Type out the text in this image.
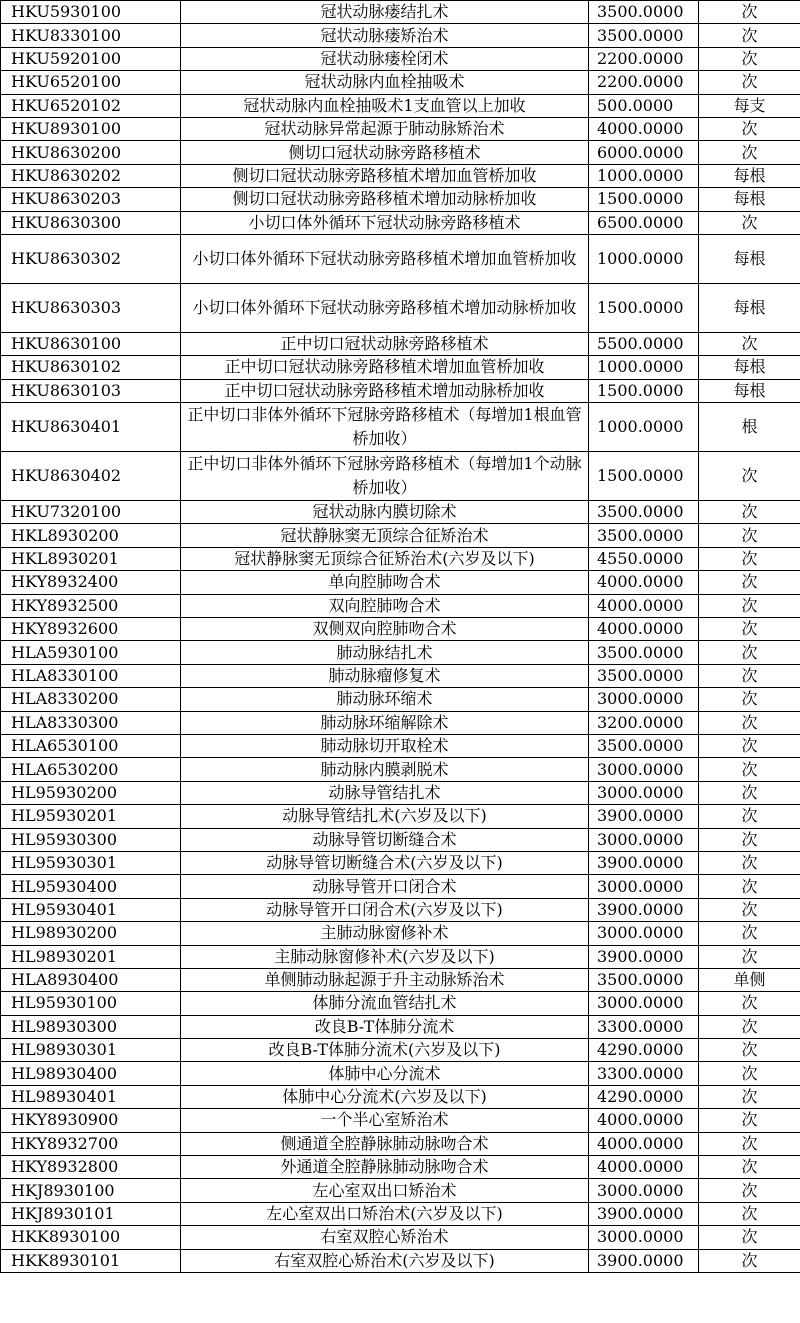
HKU5930100	冠状动脉瘘结扎术	3500.0000	次
HKU8330100	冠状动脉瘘矫治术	3500.0000	次
HKU5920100	冠状动脉瘘栓闭术	2200.0000	次
HKU6520100	冠状动脉内血栓抽吸术	2200.0000	次
HKU6520102	冠状动脉内血栓抽吸术1支血管以上加收	500.0000	每支
HKU8930100	冠状动脉异常起源于肺动脉矫治术	4000.0000	次
HKU8630200	侧切口冠状动脉旁路移植术	6000.0000	次
HKU8630202	侧切口冠状动脉旁路移植术增加血管桥加收	1000.0000	每根
HKU8630203	侧切口冠状动脉旁路移植术增加动脉桥加收	1500.0000	每根
HKU8630300	小切口体外循环下冠状动脉旁路移植术	6500.0000	次
HKU8630302	小切口体外循环下冠状动脉旁路移植术增加血管桥加收	1000.0000	每根
HKU8630303	小切口体外循环下冠状动脉旁路移植术增加动脉桥加收	1500.0000	每根
HKU8630100	正中切口冠状动脉旁路移植术	5500.0000	次
HKU8630102	正中切口冠状动脉旁路移植术增加血管桥加收	1000.0000	每根
HKU8630103	正中切口冠状动脉旁路移植术增加动脉桥加收	1500.0000	每根
HKU8630401	正中切口非体外循环下冠脉旁路移植术（每增加1根血管桥加收）	1000.0000	根
HKU8630402	正中切口非体外循环下冠脉旁路移植术（每增加1个动脉桥加收）	1500.0000	次
HKU7320100	冠状动脉内膜切除术	3500.0000	次
HKL8930200	冠状静脉窦无顶综合征矫治术	3500.0000	次
HKL8930201	冠状静脉窦无顶综合征矫治术(六岁及以下)	4550.0000	次
HKY8932400	单向腔肺吻合术	4000.0000	次
HKY8932500	双向腔肺吻合术	4000.0000	次
HKY8932600	双侧双向腔肺吻合术	4000.0000	次
HLA5930100	肺动脉结扎术	3500.0000	次
HLA8330100	肺动脉瘤修复术	3500.0000	次
HLA8330200	肺动脉环缩术	3000.0000	次
HLA8330300	肺动脉环缩解除术	3200.0000	次
HLA6530100	肺动脉切开取栓术	3500.0000	次
HLA6530200	肺动脉内膜剥脱术	3000.0000	次
HL95930200	动脉导管结扎术	3000.0000	次
HL95930201	动脉导管结扎术(六岁及以下)	3900.0000	次
HL95930300	动脉导管切断缝合术	3000.0000	次
HL95930301	动脉导管切断缝合术(六岁及以下)	3900.0000	次
HL95930400	动脉导管开口闭合术	3000.0000	次
HL95930401	动脉导管开口闭合术(六岁及以下)	3900.0000	次
HL98930200	主肺动脉窗修补术	3000.0000	次
HL98930201	主肺动脉窗修补术(六岁及以下)	3900.0000	次
HLA8930400	单侧肺动脉起源于升主动脉矫治术	3500.0000	单侧
HL95930100	体肺分流血管结扎术	3000.0000	次
HL98930300	改良B-T体肺分流术	3300.0000	次
HL98930301	改良B-T体肺分流术(六岁及以下)	4290.0000	次
HL98930400	体肺中心分流术	3300.0000	次
HL98930401	体肺中心分流术(六岁及以下)	4290.0000	次
HKY8930900	一个半心室矫治术	4000.0000	次
HKY8932700	侧通道全腔静脉肺动脉吻合术	4000.0000	次
HKY8932800	外通道全腔静脉肺动脉吻合术	4000.0000	次
HKJ8930100	左心室双出口矫治术	3000.0000	次
HKJ8930101	左心室双出口矫治术(六岁及以下)	3900.0000	次
HKK8930100	右室双腔心矫治术	3000.0000	次
HKK8930101	右室双腔心矫治术(六岁及以下)	3900.0000	次
